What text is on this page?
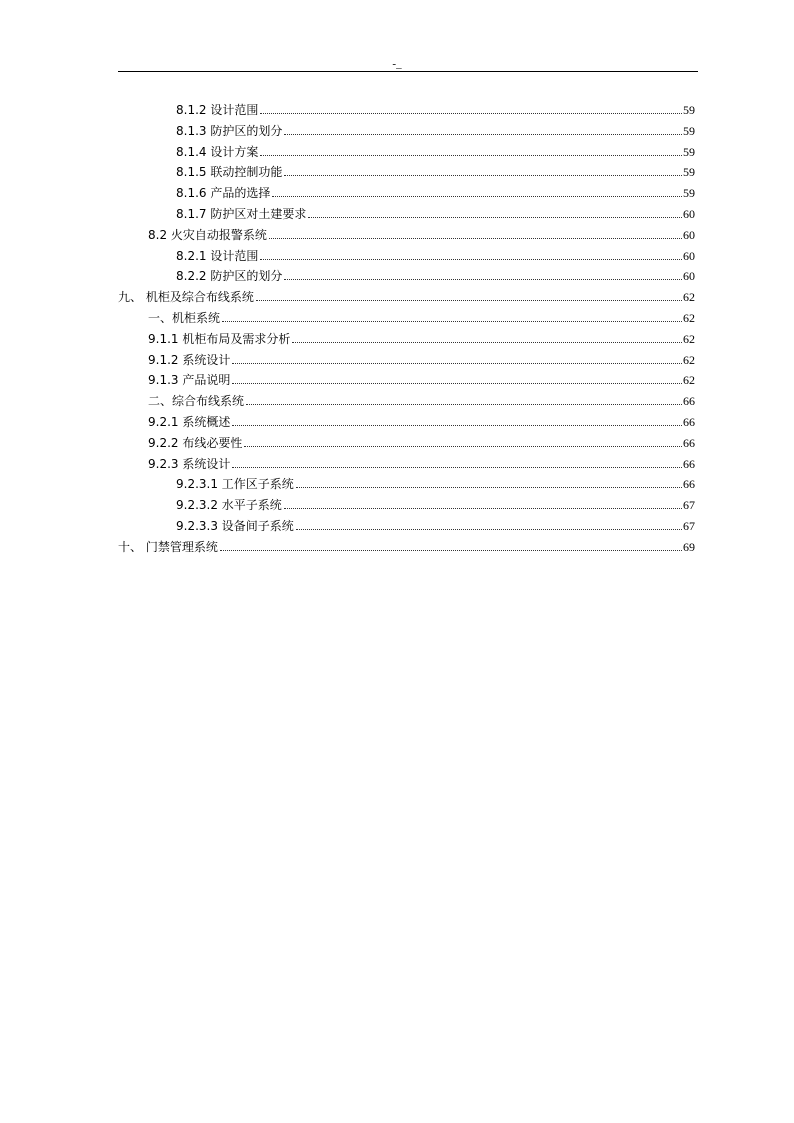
-_
8.1.2 设计范围	59
8.1.3 防护区的划分	59
8.1.4 设计方案	59
8.1.5 联动控制功能	59
8.1.6 产品的选择	59
8.1.7 防护区对土建要求	60
8.2 火灾自动报警系统	60
8.2.1 设计范围	60
8.2.2 防护区的划分	60
九、 机柜及综合布线系统	62
一、机柜系统	62
9.1.1 机柜布局及需求分析	62
9.1.2 系统设计	62
9.1.3 产品说明	62
二、综合布线系统	66
9.2.1 系统概述	66
9.2.2 布线必要性	66
9.2.3 系统设计	66
9.2.3.1 工作区子系统	66
9.2.3.2 水平子系统	67
9.2.3.3 设备间子系统	67
十、 门禁管理系统	69
